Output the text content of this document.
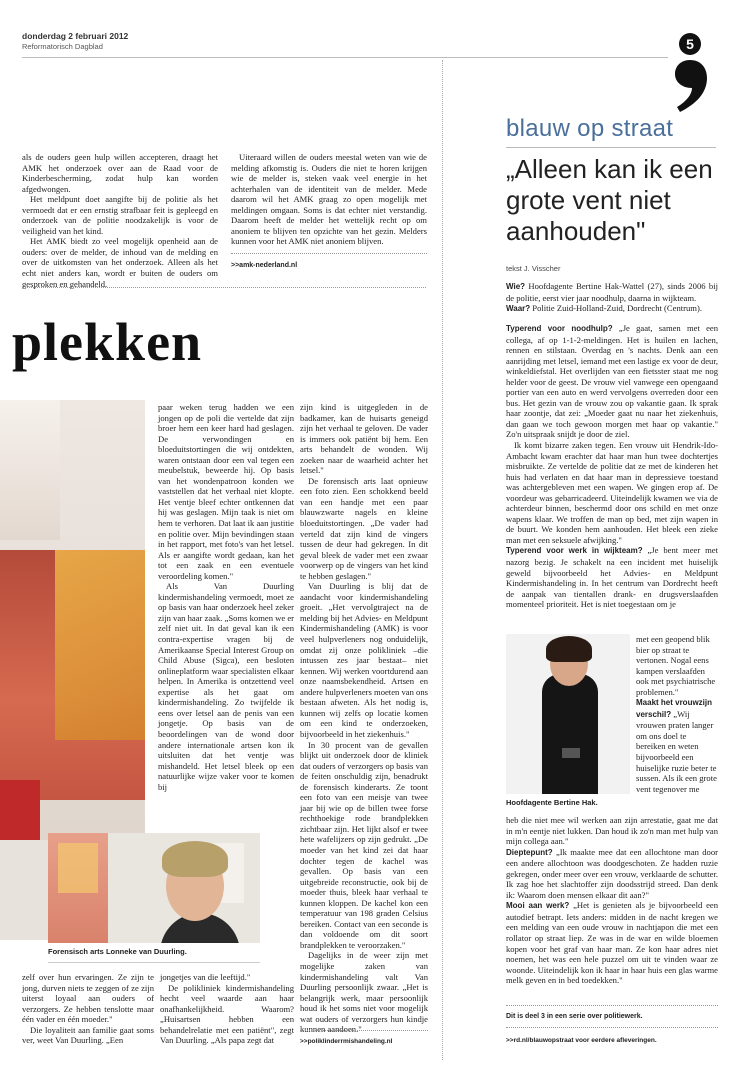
donderdag 2 februari 2012
Reformatorisch Dagblad	5

als de ouders geen hulp willen accepteren, draagt het AMK het onderzoek over aan de Raad voor de Kinderbescherming, zodat hulp kan worden afgedwongen.

Het meldpunt doet aangifte bij de politie als het vermoedt dat er een ernstig strafbaar feit is gepleegd en onderzoek van de politie noodzakelijk is voor de veiligheid van het kind.

Het AMK biedt zo veel mogelijk openheid aan de ouders: over de melder, de inhoud van de melding en over de uitkomsten van het onderzoek. Alleen als het echt niet anders kan, wordt er buiten de ouders om gesproken en gehandeld.

Uiteraard willen de ouders meestal weten van wie de melding afkomstig is. Ouders die niet te horen krijgen wie de melder is, steken vaak veel energie in het achterhalen van de identiteit van de melder. Mede daarom wil het AMK graag zo open mogelijk met meldingen omgaan. Soms is dat echter niet verstandig. Daarom heeft de melder het wettelijk recht op om anoniem te blijven ten opzichte van het gezin. Melders kunnen voor het AMK niet anoniem blijven.

>>amk-nederland.nl
plekken
Forensisch arts Lonneke van Duurling.

paar weken terug hadden we een jongen op de poli die vertelde dat zijn broer hem een keer hard had geslagen. De verwondingen en bloeduitstortingen die wij ontdekten, waren ontstaan door een val tegen een meubelstuk, beweerde hij. Op basis van het wondenpatroon konden we vaststellen dat het verhaal niet klopte. Het ventje bleef echter ontkennen dat hij was geslagen. Mijn taak is niet om hem te verhoren. Dat laat ik aan justitie en politie over. Mijn bevindingen staan in het rapport, met foto's van het letsel. Als er aangifte wordt gedaan, kan het tot een zaak en een eventuele veroordeling komen."

Als Van Duurling kindermishandeling vermoedt, moet ze op basis van haar onderzoek heel zeker zijn van haar zaak. „Soms komen we er zelf niet uit. In dat geval kan ik een contra-expertise vragen bij de Amerikaanse Special Interest Group on Child Abuse (Sigca), een besloten onlineplatform waar specialisten elkaar helpen. In Amerika is ontzettend veel expertise als het gaat om kindermishandeling. Zo twijfelde ik eens over letsel aan de penis van een jongetje. Op basis van de beoordelingen van de wond door andere internationale artsen kon ik uitsluiten dat het ventje was mishandeld. Het letsel bleek op een natuurlijke wijze vaker voor te komen bij

zijn kind is uitgegleden in de badkamer, kan de huisarts geneigd zijn het verhaal te geloven. De vader is immers ook patiënt bij hem. Een arts behandelt de wonden. Wij zoeken naar de waarheid achter het letsel."

De forensisch arts laat opnieuw een foto zien. Een schokkend beeld van een handje met een paar blauwzwarte nagels en kleine bloeduitstortingen. „De vader had verteld dat zijn kind de vingers tussen de deur had gekregen. In dit geval bleek de vader met een zwaar voorwerp op de vingers van het kind te hebben geslagen."

Van Duurling is blij dat de aandacht voor kindermishandeling groeit. „Het vervolgtraject na de melding bij het Advies- en Meldpunt Kindermishandeling (AMK) is voor veel hulpverleners nog onduidelijk, omdat zij onze polikliniek –die intussen zes jaar bestaat– niet kennen. Wij werken voortdurend aan onze naamsbekendheid. Artsen en andere hulpverleners moeten van ons bestaan afweten. Als het nodig is, kunnen wij zelfs op locatie komen om een kind te onderzoeken, bijvoorbeeld in het ziekenhuis."

In 30 procent van de gevallen blijkt uit onderzoek door de kliniek dat ouders of verzorgers op basis van de feiten onschuldig zijn, benadrukt de forensisch kinderarts. Ze toont een foto van een meisje van twee jaar bij wie op de billen twee forse rechthoekige rode brandplekken zichtbaar zijn. Het lijkt alsof er twee hete wafelijzers op zijn gedrukt. „De moeder van het kind zei dat haar dochter tegen de kachel was gevallen. Op basis van een uitgebreide reconstructie, ook bij de moeder thuis, bleek haar verhaal te kunnen kloppen. De kachel kon een temperatuur van 198 graden Celsius bereiken. Contact van een seconde is dan voldoende om dit soort brandplekken te veroorzaken."

Dagelijks in de weer zijn met mogelijke zaken van kindermishandeling valt Van Duurling persoonlijk zwaar. „Het is belangrijk werk, maar persoonlijk houd ik het soms niet voor mogelijk wat ouders of verzorgers hun kindje kunnen aandoen."

>>poliklinderrmishandeling.nl

zelf over hun ervaringen. Ze zijn te jong, durven niets te zeggen of ze zijn uiterst loyaal aan ouders of verzorgers. Ze hebben tenslotte maar één vader en één moeder."

Die loyaliteit aan familie gaat soms ver, weet Van Duurling. „Een

jongetjes van die leeftijd."

De polikliniek kindermishandeling hecht veel waarde aan haar onafhankelijkheid. Waarom? „Huisartsen hebben een behandelrelatie met een patiënt", zegt Van Duurling. „Als papa zegt dat

blauw op straat
„Alleen kan ik een grote vent niet aanhouden"
tekst J. Visscher

Wie? Hoofdagente Bertine Hak-Wattel (27), sinds 2006 bij de politie, eerst vier jaar noodhulp, daarna in wijkteam.

Waar? Politie Zuid-Holland-Zuid, Dordrecht (Centrum).

Typerend voor noodhulp? „Je gaat, samen met een collega, af op 1-1-2-meldingen. Het is huilen en lachen, rennen en stilstaan. Overdag en 's nachts. Denk aan een aanrijding met letsel, iemand met een lastige ex voor de deur, winkeldiefstal. Het overlijden van een fietsster staat me nog helder voor de geest. De vrouw viel vanwege een opengaand portier van een auto en werd vervolgens overreden door een bus. Het gezin van de vrouw zou op vakantie gaan. Ik sprak haar zoontje, dat zei: „Moeder gaat nu naar het ziekenhuis, dan gaan we toch gewoon morgen met haar op vakantie." Zo'n uitspraak snijdt je door de ziel.

Ik komt bizarre zaken tegen. Een vrouw uit Hendrik-Ido-Ambacht kwam erachter dat haar man hun twee dochtertjes misbruikte. Ze vertelde de politie dat ze met de kinderen het huis had verlaten en dat haar man in depressieve toestand was achtergebleven met een wapen. We gingen erop af. De voordeur was gebarricadeerd. Uiteindelijk kwamen we via de achterdeur binnen, beschermd door ons schild en met onze wapens klaar. We troffen de man op bed, met zijn wapen in de buurt. We konden hem aanhouden. Het bleek een zieke man met een seksuele afwijking."

Typerend voor werk in wijkteam? „Je bent meer met nazorg bezig. Je schakelt na een incident met huiselijk geweld bijvoorbeeld het Advies- en Meldpunt Kindermishandeling in. In het centrum van Dordrecht heeft de aanpak van tientallen drank- en drugsverslaafden momenteel prioriteit. Het is niet toegestaan om je

Hoofdagente Bertine Hak.

met een geopend blik bier op straat te vertonen. Nogal eens kampen verslaafden ook met psychiatrische problemen."

Maakt het vrouwzijn verschil? „Wij vrouwen praten langer om ons doel te bereiken en weten bijvoorbeeld een huiselijke ruzie beter te sussen. Als ik een grote vent tegenover me

heb die niet mee wil werken aan zijn arrestatie, gaat me dat in m'n eentje niet lukken. Dan houd ik zo'n man met hulp van mijn collega aan."

Dieptepunt? „Ik maakte mee dat een allochtone man door een andere allochtoon was doodgeschoten. Ze hadden ruzie gekregen, onder meer over een vrouw, verklaarde de schutter. Ik zag hoe het slachtoffer zijn doodsstrijd streed. Dan denk ik: Waarom doen mensen elkaar dit aan?"

Mooi aan werk? „Het is genieten als je bijvoorbeeld een autodief betrapt. Iets anders: midden in de nacht kregen we een melding van een oude vrouw in nachtjapon die met een rollator op straat liep. Ze was in de war en wilde bloemen kopen voor het graf van haar man. Ze kon haar adres niet noemen, het was een hele puzzel om uit te vinden waar ze woonde. Uiteindelijk kon ik haar in haar huis een glas warme melk geven en in bed toedekken."

Dit is deel 3 in een serie over politiewerk.
>>rd.nl/blauwopstraat voor eerdere afleveringen.
